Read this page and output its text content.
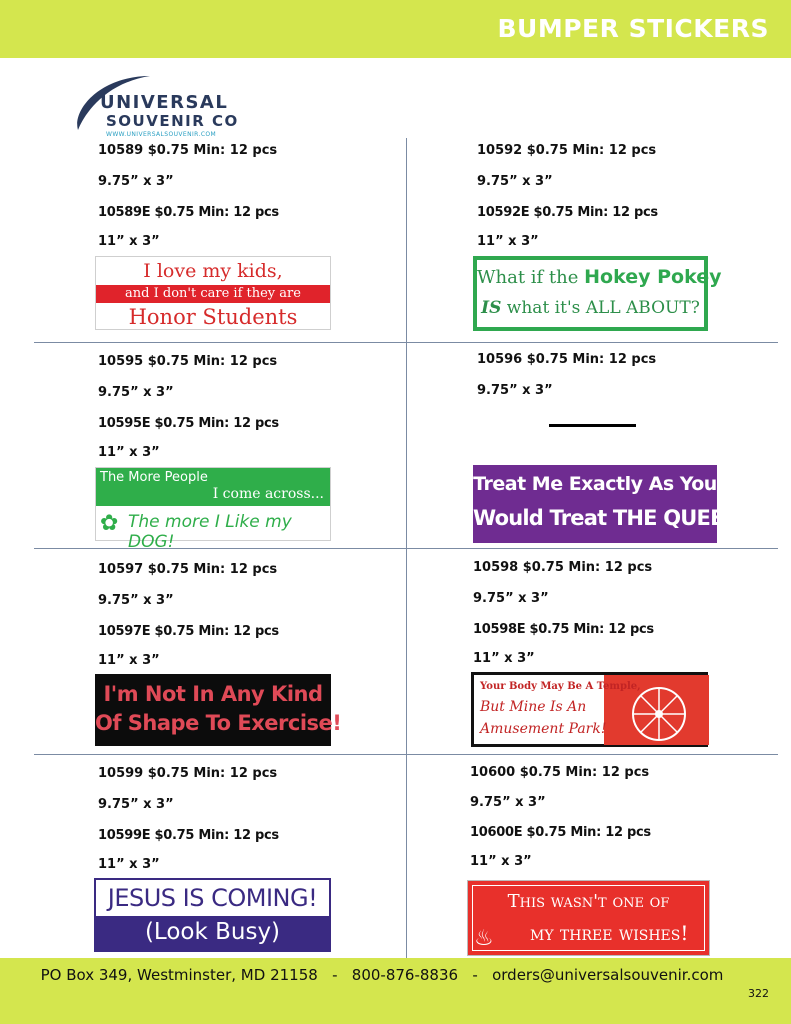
BUMPER STICKERS
UNIVERSAL
SOUVENIR CO
WWW.UNIVERSALSOUVENIR.COM
10589 $0.75 Min: 12 pcs
9.75” x 3”
10589E $0.75 Min: 12 pcs
11” x 3”
I love my kids,
and I don't care if they are
Honor Students
10592 $0.75 Min: 12 pcs
9.75” x 3”
10592E $0.75 Min: 12 pcs
11” x 3”
What if the Hokey Pokey
IS what it's ALL ABOUT?
10595 $0.75 Min: 12 pcs
9.75” x 3”
10595E $0.75 Min: 12 pcs
11” x 3”
The More People
I come across...
✿ The more I Like my DOG!
10596 $0.75 Min: 12 pcs
9.75” x 3”
Treat Me Exactly As You
Would Treat THE QUEEN
10597 $0.75 Min: 12 pcs
9.75” x 3”
10597E $0.75 Min: 12 pcs
11” x 3”
I'm Not In Any Kind
Of Shape To Exercise!
10598 $0.75 Min: 12 pcs
9.75” x 3”
10598E $0.75 Min: 12 pcs
11” x 3”
Your Body May Be A Temple,
But Mine Is An
Amusement Park!
10599 $0.75 Min: 12 pcs
9.75” x 3”
10599E $0.75 Min: 12 pcs
11” x 3”
JESUS IS COMING!
(Look Busy)
10600 $0.75 Min: 12 pcs
9.75” x 3”
10600E $0.75 Min: 12 pcs
11” x 3”
♨
This wasn't one of
my three wishes!
PO Box 349, Westminster, MD 21158   -   800-876-8836   -   orders@universalsouvenir.com
322
